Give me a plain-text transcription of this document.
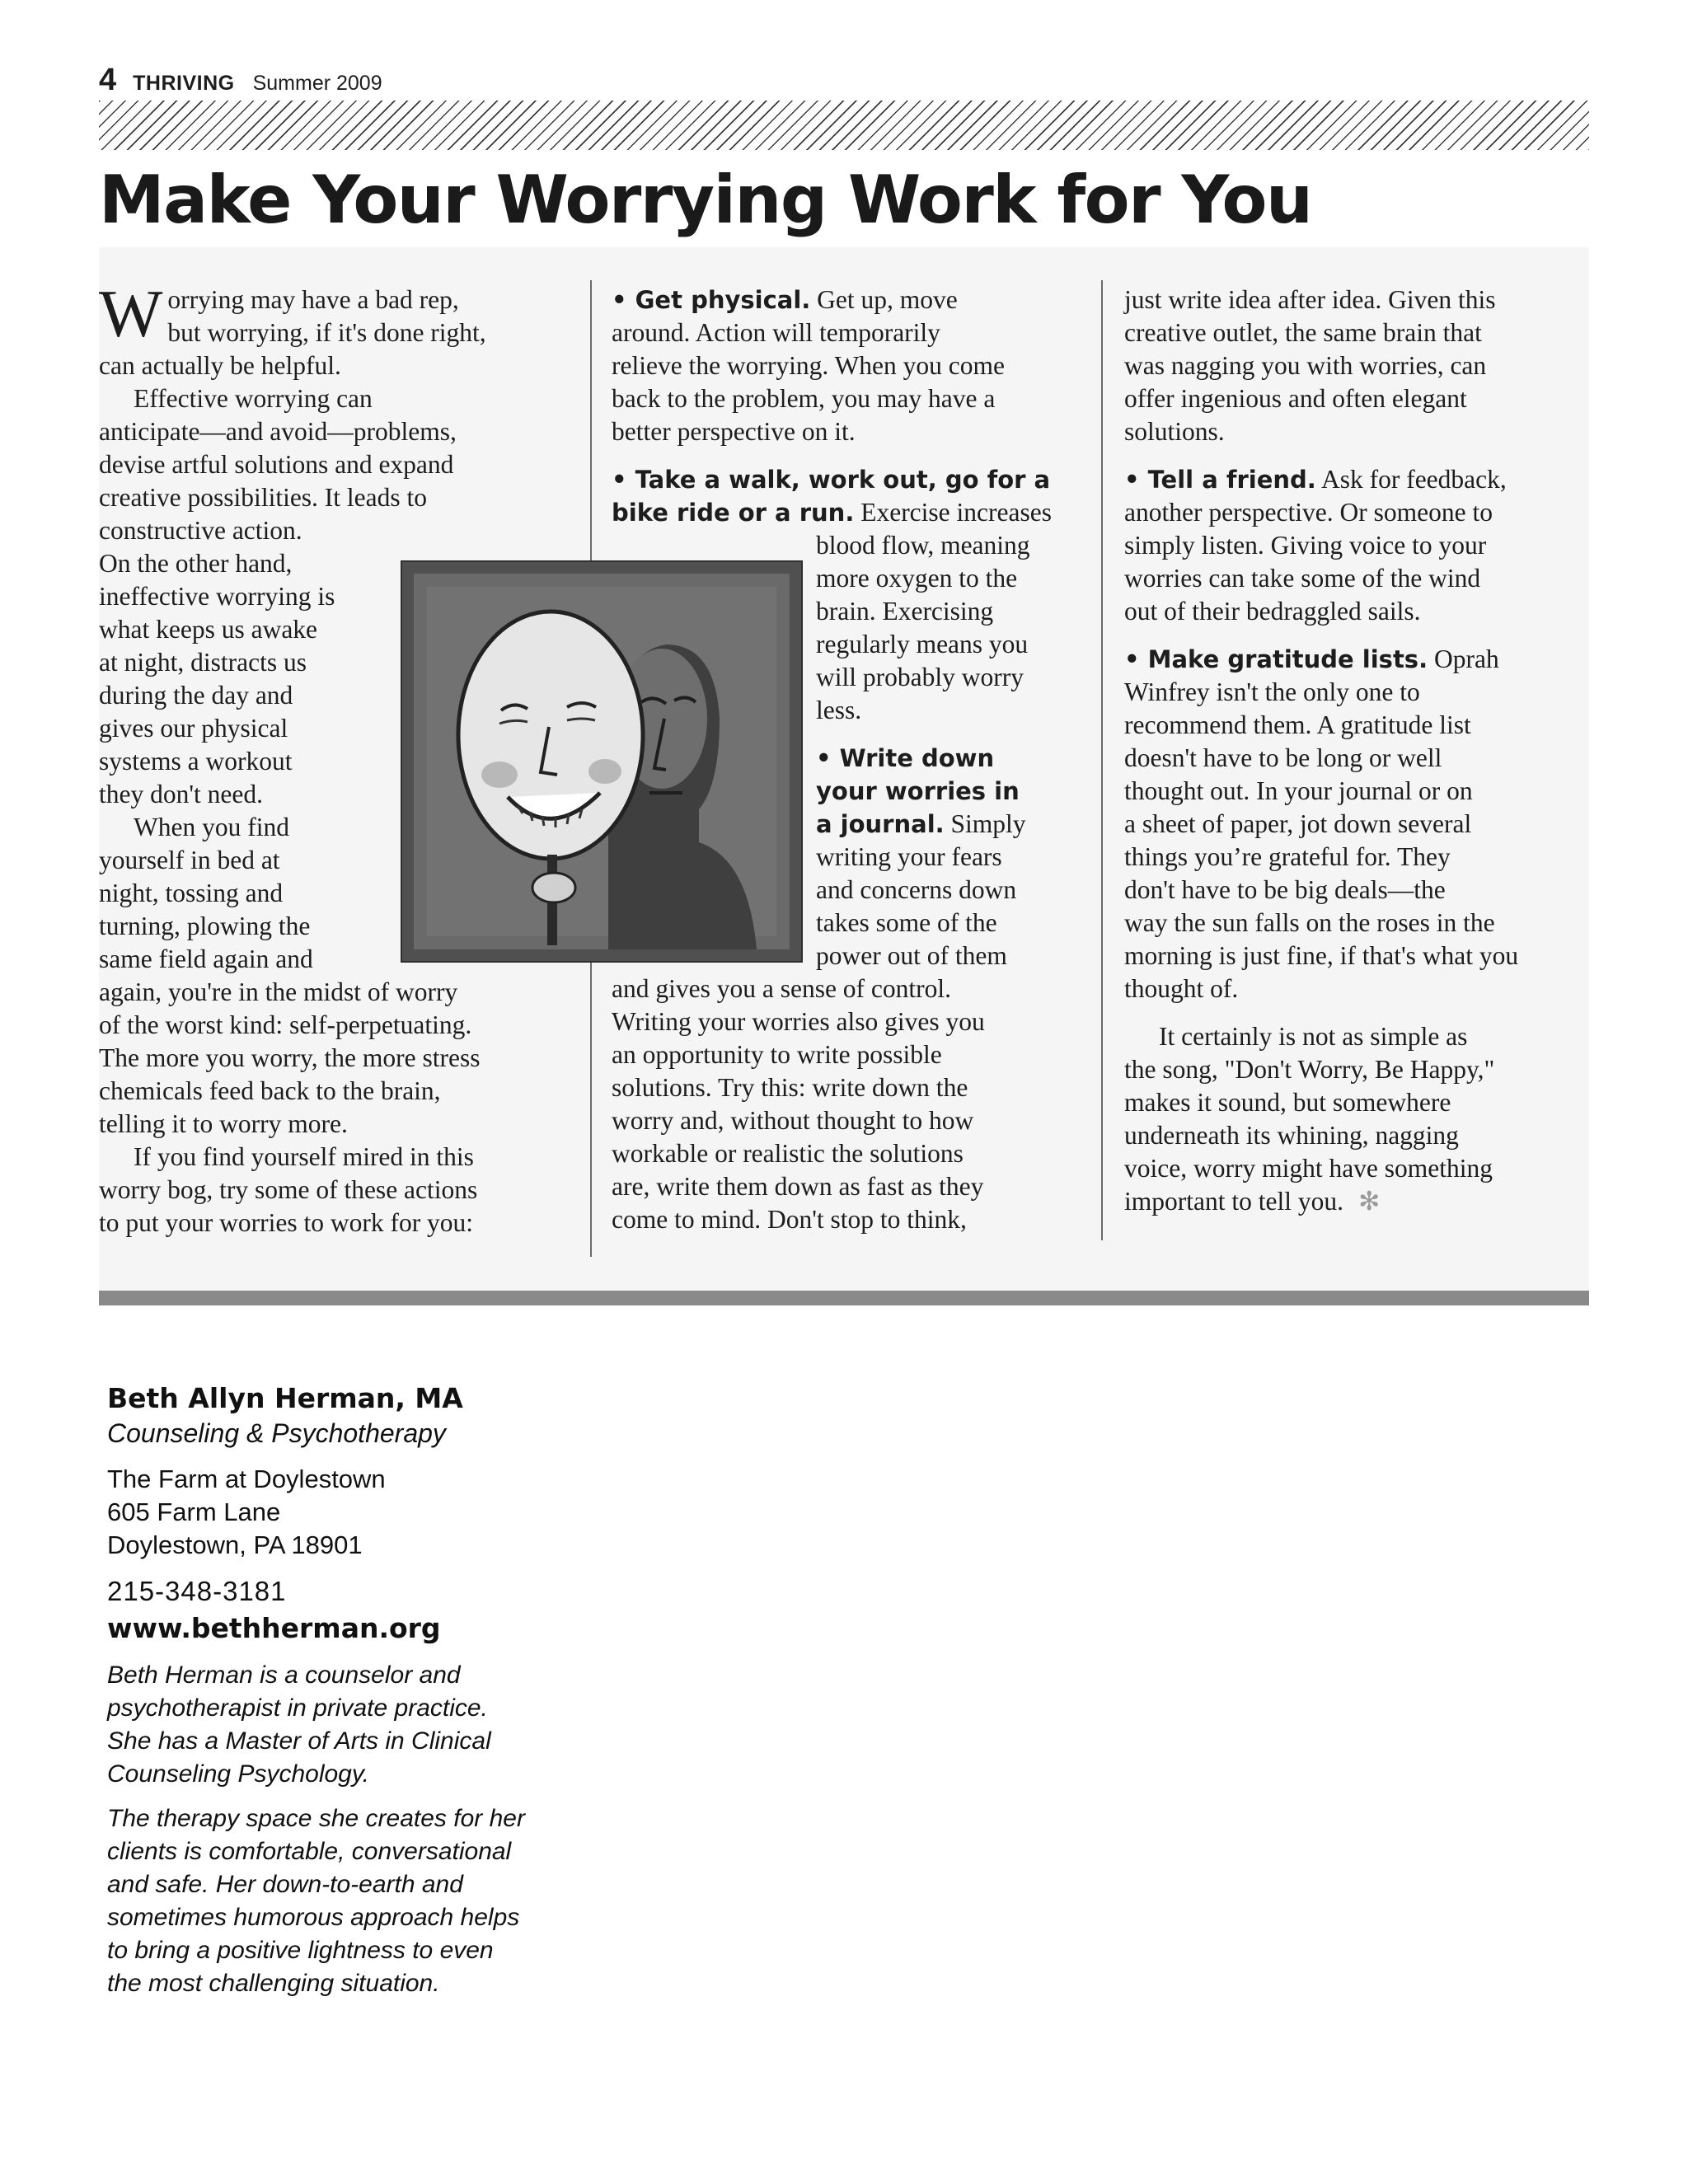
4 THRIVING Summer 2009
Make Your Worrying Work for You

Worrying may have a bad rep,
but worrying, if it's done right,

can actually be helpful.

Effective worrying can

anticipate—and avoid—problems,

devise artful solutions and expand

creative possibilities. It leads to

constructive action.

On the other hand,

ineffective worrying is

what keeps us awake

at night, distracts us

during the day and

gives our physical

systems a workout

they don't need.

When you find

yourself in bed at

night, tossing and

turning, plowing the

same field again and

again, you're in the midst of worry

of the worst kind: self-perpetuating.

The more you worry, the more stress

chemicals feed back to the brain,

telling it to worry more.

If you find yourself mired in this

worry bog, try some of these actions

to put your worries to work for you:

• Get physical. Get up, move

around. Action will temporarily

relieve the worrying. When you come

back to the problem, you may have a

better perspective on it.

• Take a walk, work out, go for a

bike ride or a run. Exercise increases

blood flow, meaning

more oxygen to the

brain. Exercising

regularly means you

will probably worry

less.

• Write down

your worries in

a journal. Simply

writing your fears

and concerns down

takes some of the

power out of them

and gives you a sense of control.

Writing your worries also gives you

an opportunity to write possible

solutions. Try this: write down the

worry and, without thought to how

workable or realistic the solutions

are, write them down as fast as they

come to mind. Don't stop to think,

just write idea after idea. Given this

creative outlet, the same brain that

was nagging you with worries, can

offer ingenious and often elegant

solutions.

• Tell a friend. Ask for feedback,

another perspective. Or someone to

simply listen. Giving voice to your

worries can take some of the wind

out of their bedraggled sails.

• Make gratitude lists. Oprah

Winfrey isn't the only one to

recommend them. A gratitude list

doesn't have to be long or well

thought out. In your journal or on

a sheet of paper, jot down several

things you’re grateful for. They

don't have to be big deals—the

way the sun falls on the roses in the

morning is just fine, if that's what you

thought of.

It certainly is not as simple as

the song, "Don't Worry, Be Happy,"

makes it sound, but somewhere

underneath its whining, nagging

voice, worry might have something

important to tell you. ✻

Beth Allyn Herman, MA

Counseling & Psychotherapy

The Farm at Doylestown

605 Farm Lane

Doylestown, PA 18901

215-348-3181

www.bethherman.org

Beth Herman is a counselor and

psychotherapist in private practice.

She has a Master of Arts in Clinical

Counseling Psychology.

The therapy space she creates for her

clients is comfortable, conversational

and safe. Her down-to-earth and

sometimes humorous approach helps

to bring a positive lightness to even

the most challenging situation.
